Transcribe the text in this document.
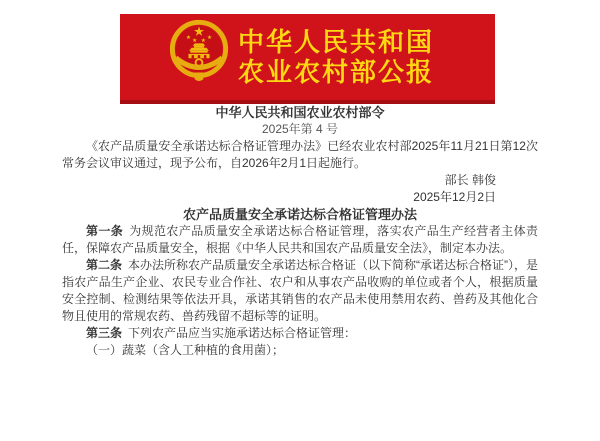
中华人民共和国
农业农村部公报
中华人民共和国农业农村部令
2025年第 4 号

《农产品质量安全承诺达标合格证管理办法》已经农业农村部2025年11月21日第12次常务会议审议通过，现予公布，自2026年2月1日起施行。

部长 韩俊
2025年12月2日
农产品质量安全承诺达标合格证管理办法

第一条 为规范农产品质量安全承诺达标合格证管理，落实农产品生产经营者主体责任，保障农产品质量安全，根据《中华人民共和国农产品质量安全法》，制定本办法。

第二条 本办法所称农产品质量安全承诺达标合格证（以下简称“承诺达标合格证”），是指农产品生产企业、农民专业合作社、农户和从事农产品收购的单位或者个人，根据质量安全控制、检测结果等依法开具，承诺其销售的农产品未使用禁用农药、兽药及其他化合物且使用的常规农药、兽药残留不超标等的证明。

第三条 下列农产品应当实施承诺达标合格证管理：

（一）蔬菜（含人工种植的食用菌）；
